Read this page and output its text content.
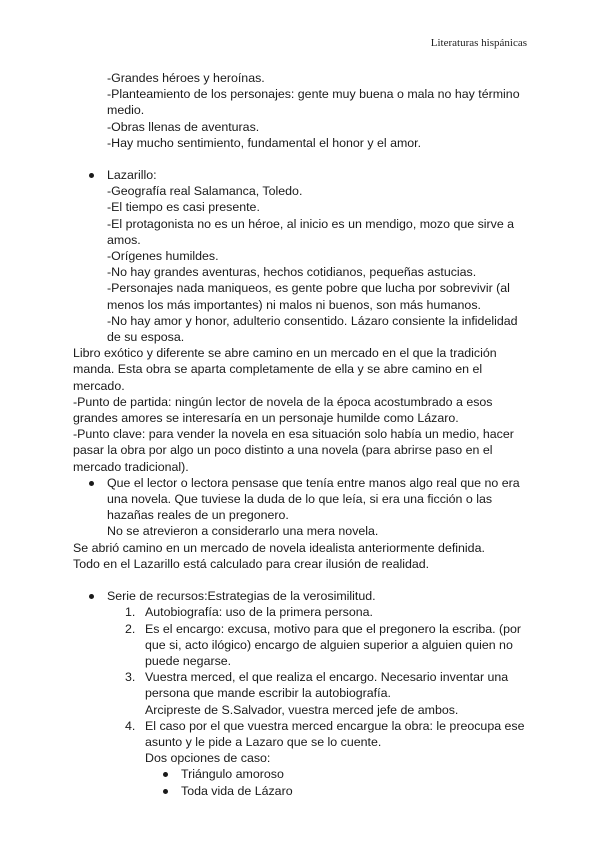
Literaturas hispánicas

-Grandes héroes y heroínas.

-Planteamiento de los personajes: gente muy buena o mala no hay término medio.

-Obras llenas de aventuras.

-Hay mucho sentimiento, fundamental el honor y el amor.

Lazarillo:
-Geografía real Salamanca, Toledo.
-El tiempo es casi presente.
-El protagonista no es un héroe, al inicio es un mendigo, mozo que sirve a amos.
-Orígenes humildes.
-No hay grandes aventuras, hechos cotidianos, pequeñas astucias.
-Personajes nada maniqueos, es gente pobre que lucha por sobrevivir (al menos los más importantes) ni malos ni buenos, son más humanos.
-No hay amor y honor, adulterio consentido. Lázaro consiente la infidelidad de su esposa.

Libro exótico y diferente se abre camino en un mercado en el que la tradición manda. Esta obra se aparta completamente de ella y se abre camino en el mercado.

-Punto de partida: ningún lector de novela de la época acostumbrado a esos grandes amores se interesaría en un personaje humilde como Lázaro.

-Punto clave: para vender la novela en esa situación solo había un medio, hacer pasar la obra por algo un poco distinto a una novela (para abrirse paso en el mercado tradicional).

Que el lector o lectora pensase que tenía entre manos algo real que no era una novela. Que tuviese la duda de lo que leía, si era una ficción o las hazañas reales de un pregonero.
No se atrevieron a considerarlo una mera novela.

Se abrió camino en un mercado de novela idealista anteriormente definida.

Todo en el Lazarillo está calculado para crear ilusión de realidad.

Serie de recursos:Estrategias de la verosimilitud.
1. Autobiografía: uso de la primera persona.
2. Es el encargo: excusa, motivo para que el pregonero la escriba. (por que si, acto ilógico) encargo de alguien superior a alguien quien no puede negarse.
3. Vuestra merced, el que realiza el encargo. Necesario inventar una persona que mande escribir la autobiografía.
Arcipreste de S.Salvador, vuestra merced jefe de ambos.
4. El caso por el que vuestra merced encargue la obra: le preocupa ese asunto y le pide a Lazaro que se lo cuente.
Dos opciones de caso:
Triángulo amoroso
Toda vida de Lázaro
